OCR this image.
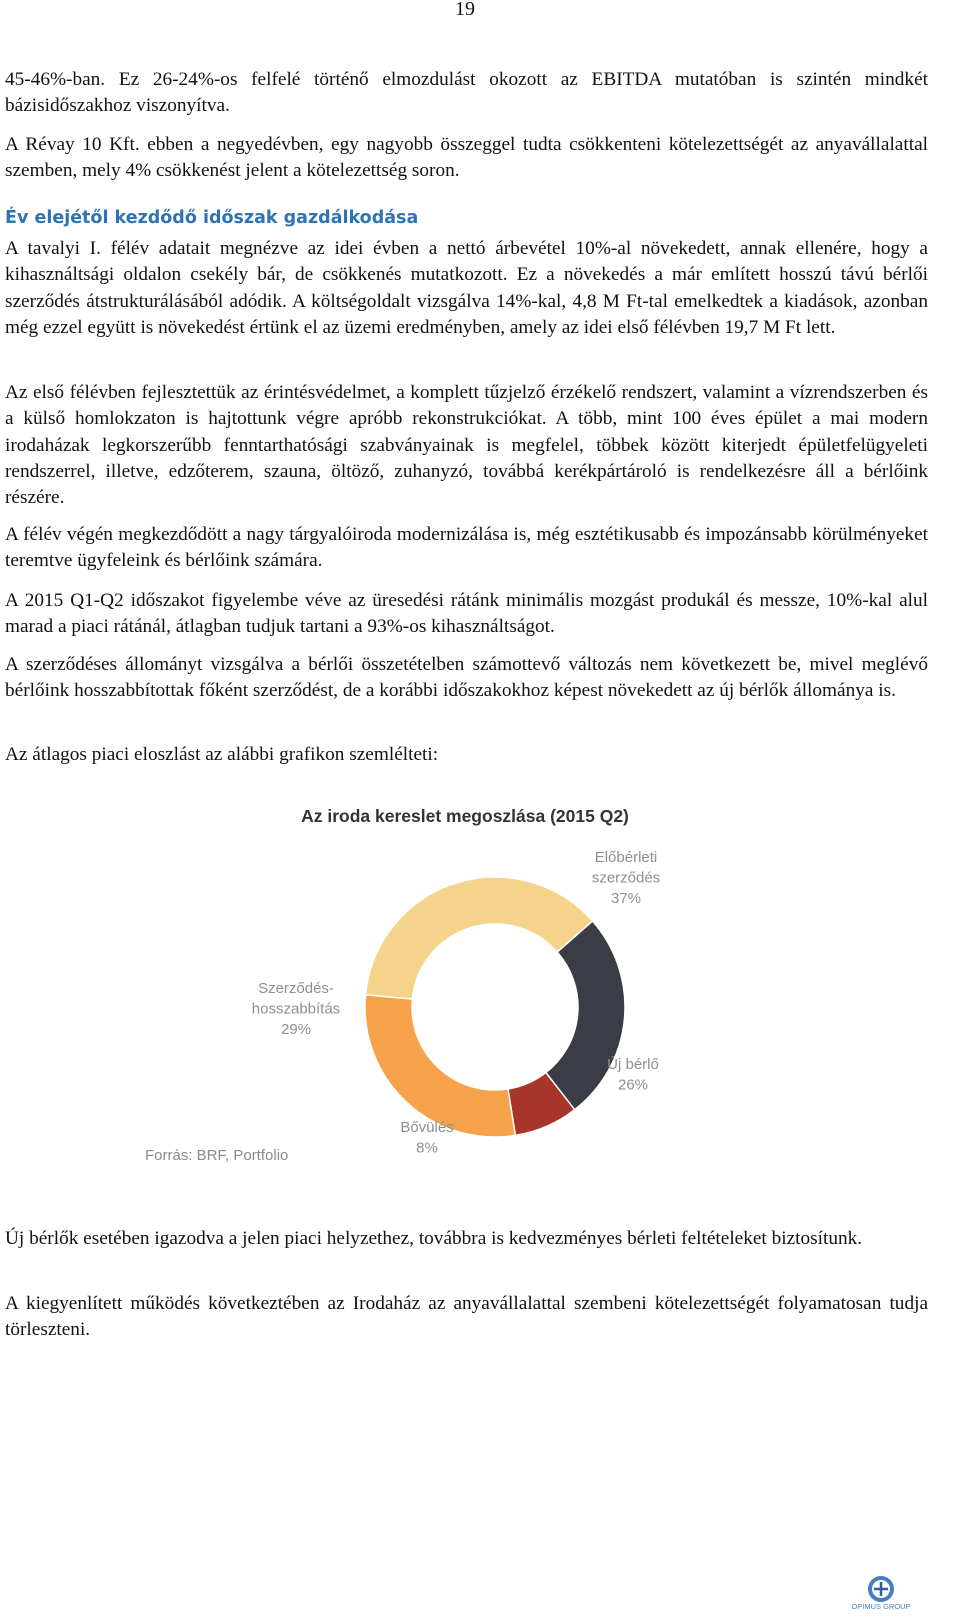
19

45-46%-ban. Ez 26-24%-os felfelé történő elmozdulást okozott az EBITDA mutatóban is szintén mindkét bázisidőszakhoz viszonyítva.

A Révay 10 Kft. ebben a negyedévben, egy nagyobb összeggel tudta csökkenteni kötelezettségét az anyavállalattal szemben, mely 4% csökkenést jelent a kötelezettség soron.

Év elejétől kezdődő időszak gazdálkodása

A tavalyi I. félév adatait megnézve az idei évben a nettó árbevétel 10%-al növekedett, annak ellenére, hogy a kihasználtsági oldalon csekély bár, de csökkenés mutatkozott. Ez a növekedés a már említett hosszú távú bérlői szerződés átstrukturálásából adódik. A költségoldalt vizsgálva 14%-kal, 4,8 M Ft-tal emelkedtek a kiadások, azonban még ezzel együtt is növekedést értünk el az üzemi eredményben, amely az idei első félévben 19,7 M Ft lett.

Az első félévben fejlesztettük az érintésvédelmet, a komplett tűzjelző érzékelő rendszert, valamint a vízrendszerben és a külső homlokzaton is hajtottunk végre apróbb rekonstrukciókat. A több, mint 100 éves épület a mai modern irodaházak legkorszerűbb fenntarthatósági szabványainak is megfelel, többek között kiterjedt épületfelügyeleti rendszerrel, illetve, edzőterem, szauna, öltöző, zuhanyzó, továbbá kerékpártároló is rendelkezésre áll a bérlőink részére.

A félév végén megkezdődött a nagy tárgyalóiroda modernizálása is, még esztétikusabb és impozánsabb körülményeket teremtve ügyfeleink és bérlőink számára.

A 2015 Q1-Q2 időszakot figyelembe véve az üresedési rátánk minimális mozgást produkál és messze, 10%-kal alul marad a piaci rátánál, átlagban tudjuk tartani a 93%-os kihasználtságot.

A szerződéses állományt vizsgálva a bérlői összetételben számottevő változás nem következett be, mivel meglévő bérlőink hosszabbítottak főként szerződést, de a korábbi időszakokhoz képest növekedett az új bérlők állománya is.

Az átlagos piaci eloszlást az alábbi grafikon szemlélteti:

Az iroda kereslet megoszlása (2015 Q2)
Előbérleti
szerződés
37%
Új bérlő
26%
Bővülés
8%
Szerződés-
hosszabbítás
29%
Forrás: BRF, Portfolio

Új bérlők esetében igazodva a jelen piaci helyzethez, továbbra is kedvezményes bérleti feltételeket biztosítunk.

A kiegyenlített működés következtében az Irodaház az anyavállalattal szembeni kötelezettségét folyamatosan tudja törleszteni.

OPIMUS GROUP
